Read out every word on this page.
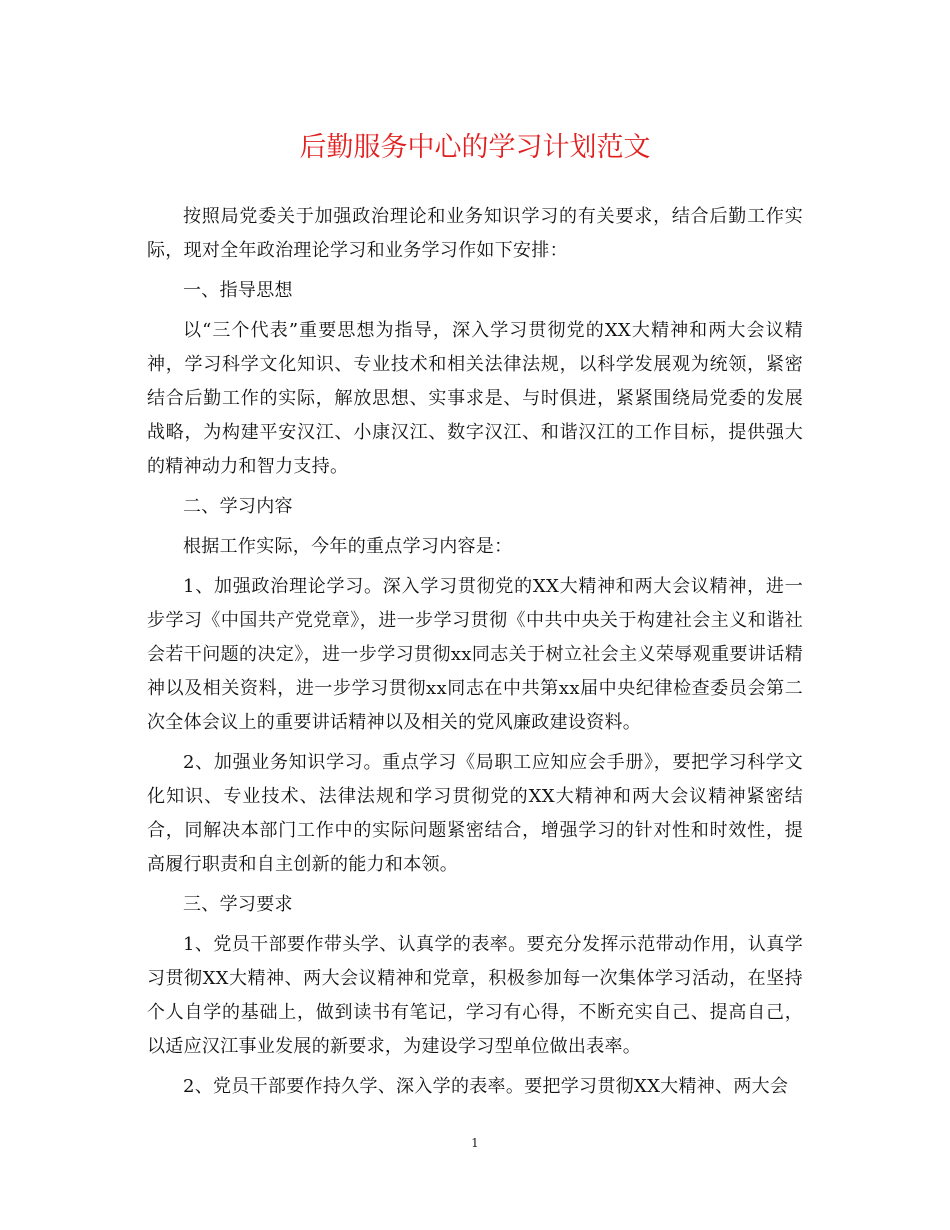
后勤服务中心的学习计划范文

按照局党委关于加强政治理论和业务知识学习的有关要求，结合后勤工作实际，现对全年政治理论学习和业务学习作如下安排：

一、指导思想

以“三个代表”重要思想为指导，深入学习贯彻党的XX大精神和两大会议精神，学习科学文化知识、专业技术和相关法律法规，以科学发展观为统领，紧密结合后勤工作的实际，解放思想、实事求是、与时俱进，紧紧围绕局党委的发展战略，为构建平安汉江、小康汉江、数字汉江、和谐汉江的工作目标，提供强大的精神动力和智力支持。

二、学习内容

根据工作实际，今年的重点学习内容是：

1、加强政治理论学习。深入学习贯彻党的XX大精神和两大会议精神，进一步学习《中国共产党党章》，进一步学习贯彻《中共中央关于构建社会主义和谐社会若干问题的决定》，进一步学习贯彻xx同志关于树立社会主义荣辱观重要讲话精神以及相关资料，进一步学习贯彻xx同志在中共第xx届中央纪律检查委员会第二次全体会议上的重要讲话精神以及相关的党风廉政建设资料。

2、加强业务知识学习。重点学习《局职工应知应会手册》，要把学习科学文化知识、专业技术、法律法规和学习贯彻党的XX大精神和两大会议精神紧密结合，同解决本部门工作中的实际问题紧密结合，增强学习的针对性和时效性，提高履行职责和自主创新的能力和本领。

三、学习要求

1、党员干部要作带头学、认真学的表率。要充分发挥示范带动作用，认真学习贯彻XX大精神、两大会议精神和党章，积极参加每一次集体学习活动，在坚持个人自学的基础上，做到读书有笔记，学习有心得，不断充实自己、提高自己，以适应汉江事业发展的新要求，为建设学习型单位做出表率。

2、党员干部要作持久学、深入学的表率。要把学习贯彻XX大精神、两大会

1
